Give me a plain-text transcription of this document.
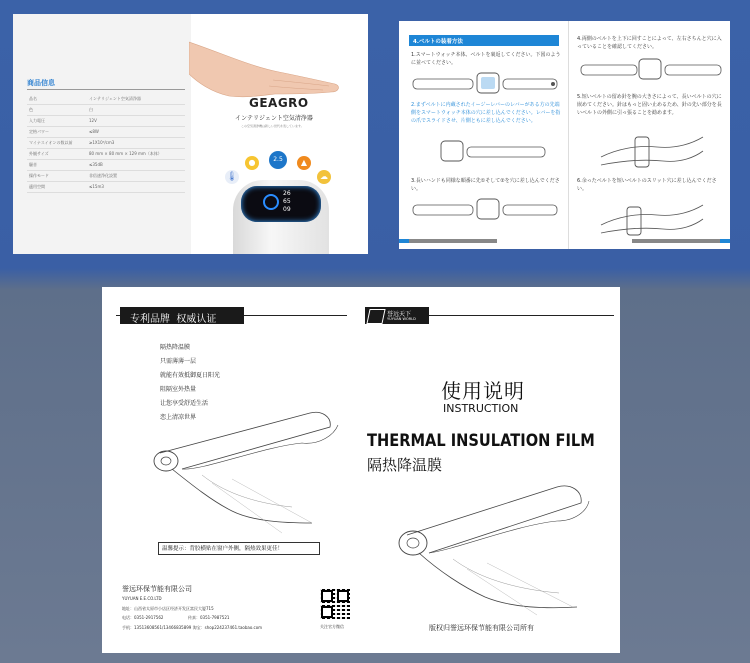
商品信息
品名	インテリジェント空気清浄器
色	白
入力電圧	12V
定格パワー	≤8W
マイナスイオンの数以前	≥1X10⁶/cm3
外観サイズ	80 mm × 80 mm × 129 mm（本体）
騒音	≤35dB
操作モード	非倍速浄化設置
適用空間	≤15m3
GEAGRO
インテリジェント空気清浄器
この空気清浄機は新しい世代を表しています。
🌡
●	2.5	▲
☁
26
65
09
4.ベルトの装着方法
1.スマートウォッチ本体、ベルトを裏返してください。下図のように並べてください。
2.まずベルトに内蔵されたイージーレバーのレバーがある方の先端側をスマートウォッチ本体の穴に差し込んでください。レバーを指の爪でスライドさせ、片側ともに差し込んでください。
3.長いハンドも同様な順番に先①そして②を穴に差し込んでください。
4.両側のベルトを上下に回すことによって、左右さちんと穴に入っていることを確認してください。
5.短いベルトの留め針を腕の大きさによって、長いベルトの穴に嵌めてください。針はもっと固い止めるため、針の先い部分を長いベルトの外側に引っ張ることを勧めます。
6.余ったベルトを短いベルトのスリット穴に差し込んでください。
专利品牌  权威认证
隔热降温膜
只需薄薄一层
就能有效抵御夏日阳光
阻隔室外热量
让您享受舒适生活
恋上清凉世界
温馨提示：背胶横贴在窗户外侧，隔热效果更佳！
誉远环保节能有限公司
YUYUAN E.E.CO.LTD
地址：山西省太原市小店区经济开发区富民大厦715
电话：0351-2917562	传真：0351-7987521
手机：13513608561/13466835899 淘宝：shop224237461.taobao.com	关注官方微信
誉远天下
YUYUAN WORLD
使用说明
INSTRUCTION
THERMAL INSULATION FILM
隔热降温膜
版权归誉远环保节能有限公司所有
